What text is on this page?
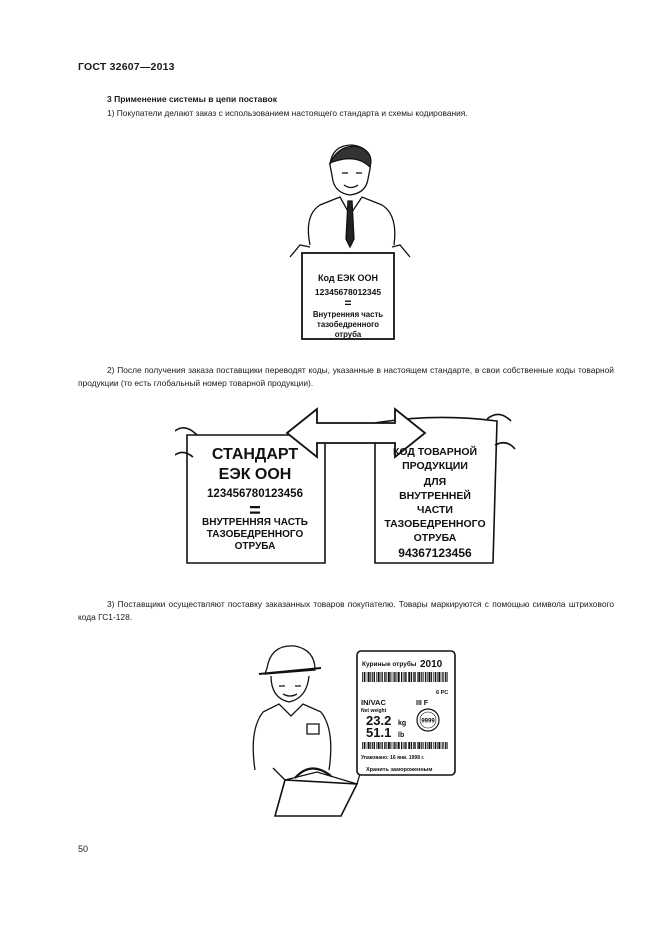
ГОСТ 32607—2013
3 Применение системы в цепи поставок
1) Покупатели делают заказ с использованием настоящего стандарта и схемы кодирования.
Код ЕЭК ООН
12345678012345
=
Внутренняя часть
тазобедренного
отруба
2) После получения заказа поставщики переводят коды, указанные в настоящем стандарте, в свои собственные коды товарной продукции (то есть глобальный номер товарной продукции).
СТАНДАРТ
ЕЭК ООН
123456780123456
=
ВНУТРЕННЯЯ ЧАСТЬ
ТАЗОБЕДРЕННОГО
ОТРУБА
КОД ТОВАРНОЙ
ПРОДУКЦИИ
ДЛЯ
ВНУТРЕННЕЙ
ЧАСТИ
ТАЗОБЕДРЕННОГО
ОТРУБА
94367123456
3) Поставщики осуществляют поставку заказанных товаров покупателю. Товары маркируются с помощью символа штрихового кода ГС1-128.
Куриные отрубы 2010
6 PC
IN/VAC	III F
Net weight
23.2 kg
51.1 lb
9999
Упаковано: 16 янв. 1998 г.
Хранить замороженным
50
